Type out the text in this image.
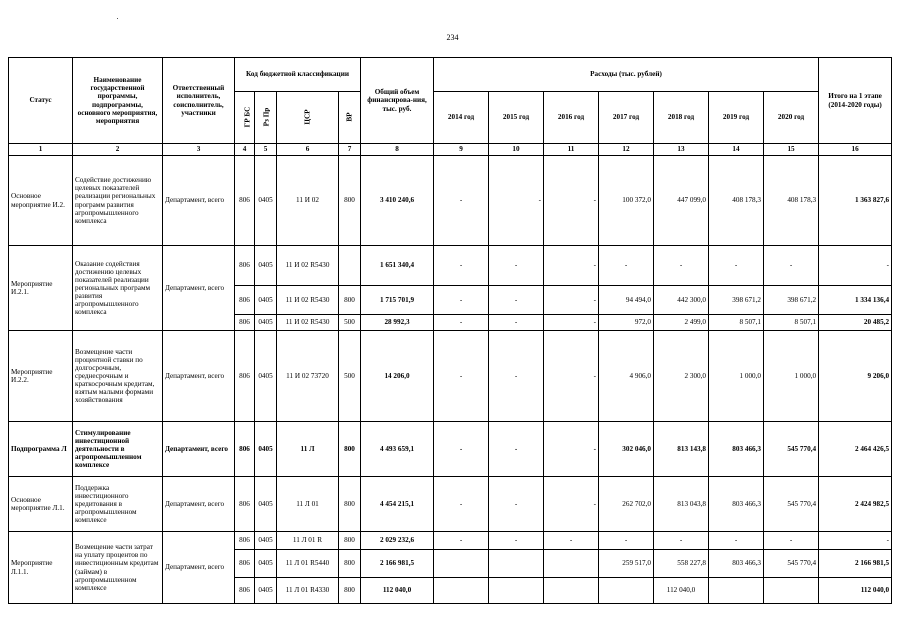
234
Статус	Наименование государственной программы, подпрограммы, основного мероприятия, мероприятия	Ответственный исполнитель, соисполнитель, участники	Код бюджетной классификации				Общий объем финансирова-ния, тыс. руб.	Расходы (тыс. рублей)							Итого на 1 этапе (2014-2020 годы)
			ГР БС	Рз Пр	ЦСР	ВР		2014 год	2015 год	2016 год	2017 год	2018 год	2019 год	2020 год	
1	2	3	4	5	6	7	8	9	10	11	12	13	14	15	16
Основное мероприятие И.2.	Содействие достижению целевых показателей реализации региональных программ развития агропромышленного комплекса	Департамент, всего	806	0405	11 И 02	800	3 410 240,6	-	-	-	100 372,0	447 099,0	408 178,3	408 178,3	1 363 827,6
Мероприятие И.2.1.	Оказание содействия достижению целевых показателей реализации региональных программ развития агропромышленного комплекса	Департамент, всего	806	0405	11 И 02 R5430		1 651 340,4	-	-	-	-	-	-	-	-
			806	0405	11 И 02 R5430	800	1 715 701,9	-	-	-	94 494,0	442 300,0	398 671,2	398 671,2	1 334 136,4
			806	0405	11 И 02 R5430	500	28 992,3	-	-	-	972,0	2 499,0	8 507,1	8 507,1	20 485,2
Мероприятие И.2.2.	Возмещение части процентной ставки по долгосрочным, среднесрочным и краткосрочным кредитам, взятым малыми формами хозяйствования	Департамент, всего	806	0405	11 И 02 73720	500	14 206,0	-	-	-	4 906,0	2 300,0	1 000,0	1 000,0	9 206,0
Подпрограмма Л	Стимулирование инвестиционной деятельности в агропромышленном комплексе	Департамент, всего	806	0405	11 Л	800	4 493 659,1	-	-	-	302 046,0	813 143,8	803 466,3	545 770,4	2 464 426,5
Основное мероприятие Л.1.	Поддержка инвестиционного кредитования в агропромышленном комплексе	Департамент, всего	806	0405	11 Л 01	800	4 454 215,1	-	-	-	262 702,0	813 043,8	803 466,3	545 770,4	2 424 982,5
Мероприятие Л.1.1.	Возмещение части затрат на уплату процентов по инвестиционным кредитам (займам) в агропромышленном комплексе	Департамент, всего	806	0405	11 Л 01 R	800	2 029 232,6	-	-	-	-	-	-	-	-
			806	0405	11 Л 01 R5440	800	2 166 981,5				259 517,0	558 227,8	803 466,3	545 770,4	2 166 981,5
			806	0405	11 Л 01 R4330	800	112 040,0					112 040,0			112 040,0
